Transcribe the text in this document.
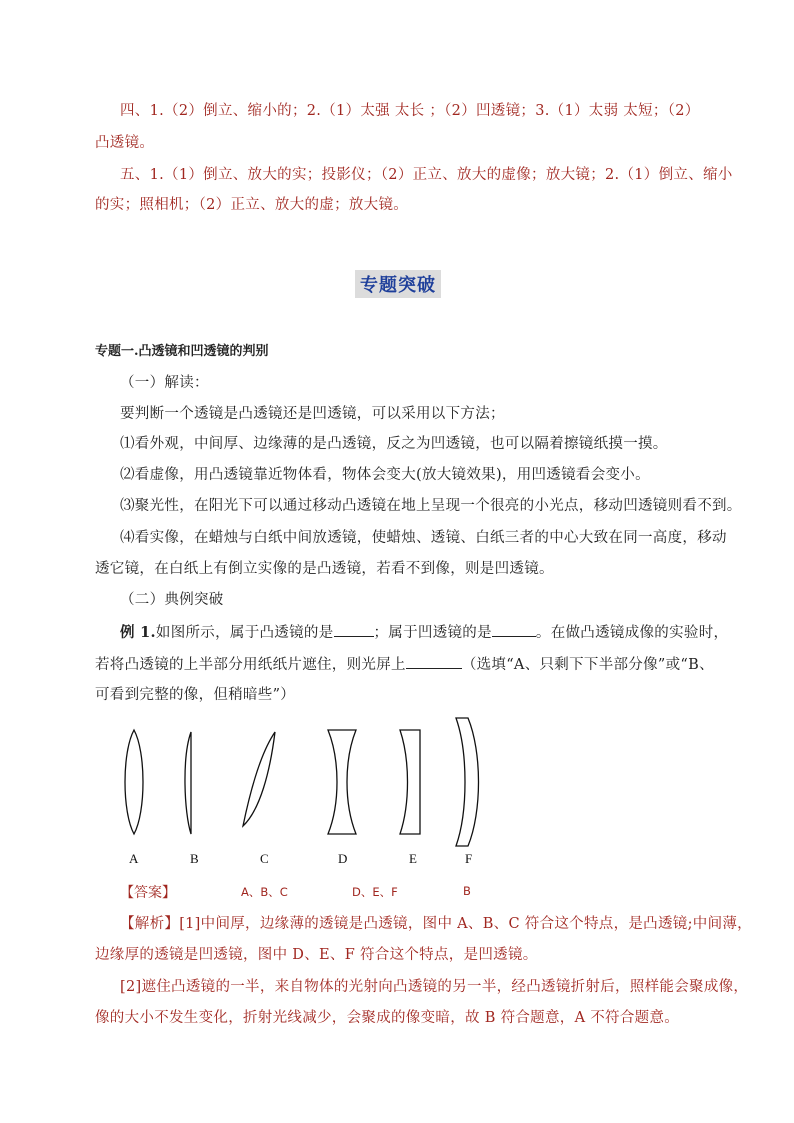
四、1.（2）倒立、缩小的；2.（1）太强 太长 ；（2）凹透镜；3.（1）太弱 太短；（2）
凸透镜。
五、1.（1）倒立、放大的实；投影仪；（2）正立、放大的虚像；放大镜；2.（1）倒立、缩小
的实；照相机；（2）正立、放大的虚；放大镜。
专题突破
专题一.凸透镜和凹透镜的判别
（一）解读：
要判断一个透镜是凸透镜还是凹透镜，可以采用以下方法；
⑴看外观，中间厚、边缘薄的是凸透镜，反之为凹透镜，也可以隔着擦镜纸摸一摸。
⑵看虚像，用凸透镜靠近物体看，物体会变大(放大镜效果)，用凹透镜看会变小。
⑶聚光性，在阳光下可以通过移动凸透镜在地上呈现一个很亮的小光点，移动凹透镜则看不到。
⑷看实像，在蜡烛与白纸中间放透镜，使蜡烛、透镜、白纸三者的中心大致在同一高度，移动
透它镜，在白纸上有倒立实像的是凸透镜，若看不到像，则是凹透镜。
（二）典例突破
例 1.如图所示，属于凸透镜的是	；属于凹透镜的是	。在做凸透镜成像的实验时，
若将凸透镜的上半部分用纸纸片遮住，则光屏上	（选填“A、只剩下下半部分像”或“B、
可看到完整的像，但稍暗些”）
A	B	C	D	E	F
【答案】	A、B、C	D、E、F	B
【解析】[1]中间厚，边缘薄的透镜是凸透镜，图中 A、B、C 符合这个特点，是凸透镜;中间薄，
边缘厚的透镜是凹透镜，图中 D、E、F 符合这个特点，是凹透镜。
[2]遮住凸透镜的一半，来自物体的光射向凸透镜的另一半，经凸透镜折射后，照样能会聚成像，
像的大小不发生变化，折射光线减少，会聚成的像变暗，故 B 符合题意，A 不符合题意。
